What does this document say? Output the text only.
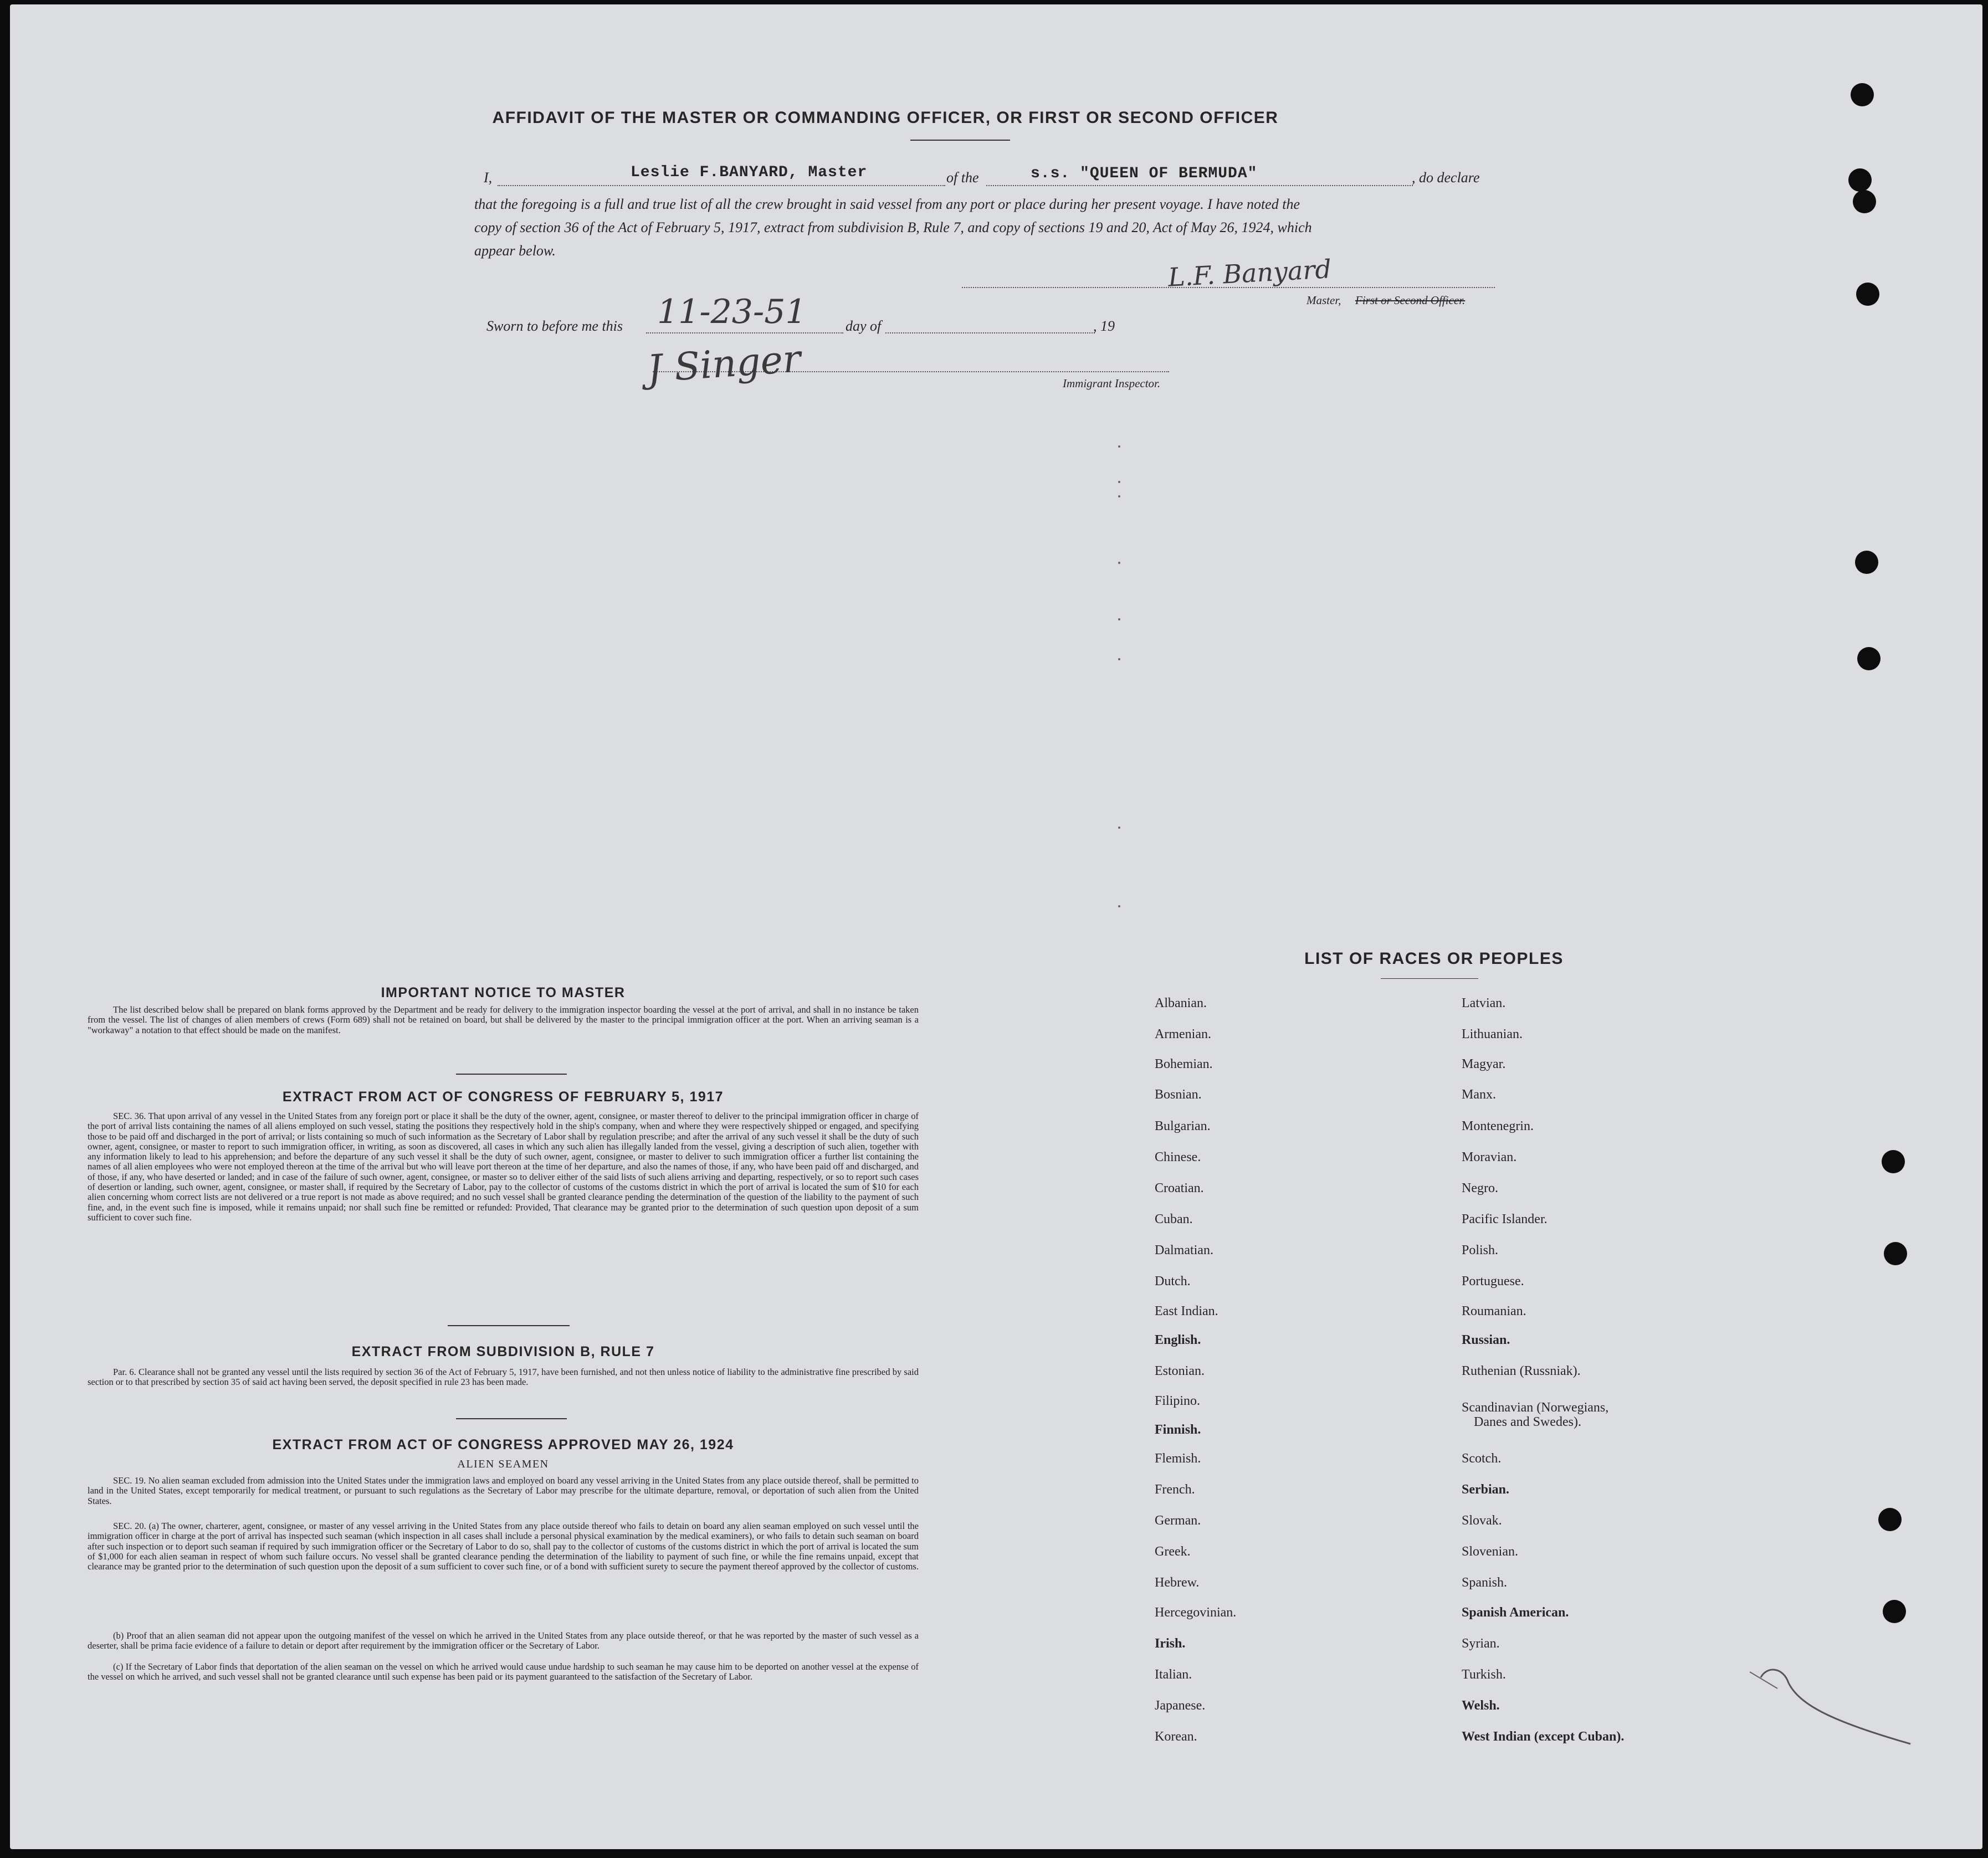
AFFIDAVIT OF THE MASTER OR COMMANDING OFFICER, OR FIRST OR SECOND OFFICER
I,	Leslie F.BANYARD, Master	of the	s.s. "QUEEN OF BERMUDA"	, do declare
that the foregoing is a full and true list of all the crew brought in said vessel from any port or place during her present voyage. I have noted the
copy of section 36 of the Act of February 5, 1917, extract from subdivision B, Rule 7, and copy of sections 19 and 20, Act of May 26, 1924, which
appear below.
L.F. Banyard
Master, First or Second Officer.
Sworn to before me this 11-23-51	day of	, 19
J Singer	Immigrant Inspector.
IMPORTANT NOTICE TO MASTER
The list described below shall be prepared on blank forms approved by the Department and be ready for delivery to the immigration inspector boarding the vessel at the port of arrival, and shall in no instance be taken from the vessel. The list of changes of alien members of crews (Form 689) shall not be retained on board, but shall be delivered by the master to the principal immigration officer at the port. When an arriving seaman is a "workaway" a notation to that effect should be made on the manifest.
EXTRACT FROM ACT OF CONGRESS OF FEBRUARY 5, 1917
SEC. 36. That upon arrival of any vessel in the United States from any foreign port or place it shall be the duty of the owner, agent, consignee, or master thereof to deliver to the principal immigration officer in charge of the port of arrival lists containing the names of all aliens employed on such vessel, stating the positions they respectively hold in the ship's company, when and where they were respectively shipped or engaged, and specifying those to be paid off and discharged in the port of arrival; or lists containing so much of such information as the Secretary of Labor shall by regulation prescribe; and after the arrival of any such vessel it shall be the duty of such owner, agent, consignee, or master to report to such immigration officer, in writing, as soon as discovered, all cases in which any such alien has illegally landed from the vessel, giving a description of such alien, together with any information likely to lead to his apprehension; and before the departure of any such vessel it shall be the duty of such owner, agent, consignee, or master to deliver to such immigration officer a further list containing the names of all alien employees who were not employed thereon at the time of the arrival but who will leave port thereon at the time of her departure, and also the names of those, if any, who have been paid off and discharged, and of those, if any, who have deserted or landed; and in case of the failure of such owner, agent, consignee, or master so to deliver either of the said lists of such aliens arriving and departing, respectively, or so to report such cases of desertion or landing, such owner, agent, consignee, or master shall, if required by the Secretary of Labor, pay to the collector of customs of the customs district in which the port of arrival is located the sum of $10 for each alien concerning whom correct lists are not delivered or a true report is not made as above required; and no such vessel shall be granted clearance pending the determination of the question of the liability to the payment of such fine, and, in the event such fine is imposed, while it remains unpaid; nor shall such fine be remitted or refunded: Provided, That clearance may be granted prior to the determination of such question upon deposit of a sum sufficient to cover such fine.
EXTRACT FROM SUBDIVISION B, RULE 7
Par. 6. Clearance shall not be granted any vessel until the lists required by section 36 of the Act of February 5, 1917, have been furnished, and not then unless notice of liability to the administrative fine prescribed by said section or to that prescribed by section 35 of said act having been served, the deposit specified in rule 23 has been made.
EXTRACT FROM ACT OF CONGRESS APPROVED MAY 26, 1924
ALIEN SEAMEN
SEC. 19. No alien seaman excluded from admission into the United States under the immigration laws and employed on board any vessel arriving in the United States from any place outside thereof, shall be permitted to land in the United States, except temporarily for medical treatment, or pursuant to such regulations as the Secretary of Labor may prescribe for the ultimate departure, removal, or deportation of such alien from the United States.
SEC. 20. (a) The owner, charterer, agent, consignee, or master of any vessel arriving in the United States from any place outside thereof who fails to detain on board any alien seaman employed on such vessel until the immigration officer in charge at the port of arrival has inspected such seaman (which inspection in all cases shall include a personal physical examination by the medical examiners), or who fails to detain such seaman on board after such inspection or to deport such seaman if required by such immigration officer or the Secretary of Labor to do so, shall pay to the collector of customs of the customs district in which the port of arrival is located the sum of $1,000 for each alien seaman in respect of whom such failure occurs. No vessel shall be granted clearance pending the determination of the liability to payment of such fine, or while the fine remains unpaid, except that clearance may be granted prior to the determination of such question upon the deposit of a sum sufficient to cover such fine, or of a bond with sufficient surety to secure the payment thereof approved by the collector of customs.
(b) Proof that an alien seaman did not appear upon the outgoing manifest of the vessel on which he arrived in the United States from any place outside thereof, or that he was reported by the master of such vessel as a deserter, shall be prima facie evidence of a failure to detain or deport after requirement by the immigration officer or the Secretary of Labor.
(c) If the Secretary of Labor finds that deportation of the alien seaman on the vessel on which he arrived would cause undue hardship to such seaman he may cause him to be deported on another vessel at the expense of the vessel on which he arrived, and such vessel shall not be granted clearance until such expense has been paid or its payment guaranteed to the satisfaction of the Secretary of Labor.
LIST OF RACES OR PEOPLES
Albanian.
Armenian.
Bohemian.
Bosnian.
Bulgarian.
Chinese.
Croatian.
Cuban.
Dalmatian.
Dutch.
East Indian.
English.
Estonian.
Filipino.
Finnish.
Flemish.
French.
German.
Greek.
Hebrew.
Hercegovinian.
Irish.
Italian.
Japanese.
Korean.
Latvian.
Lithuanian.
Magyar.
Manx.
Montenegrin.
Moravian.
Negro.
Pacific Islander.
Polish.
Portuguese.
Roumanian.
Russian.
Ruthenian (Russniak).
Scandinavian (Norwegians,
Danes and Swedes).
Scotch.
Serbian.
Slovak.
Slovenian.
Spanish.
Spanish American.
Syrian.
Turkish.
Welsh.
West Indian (except Cuban).
